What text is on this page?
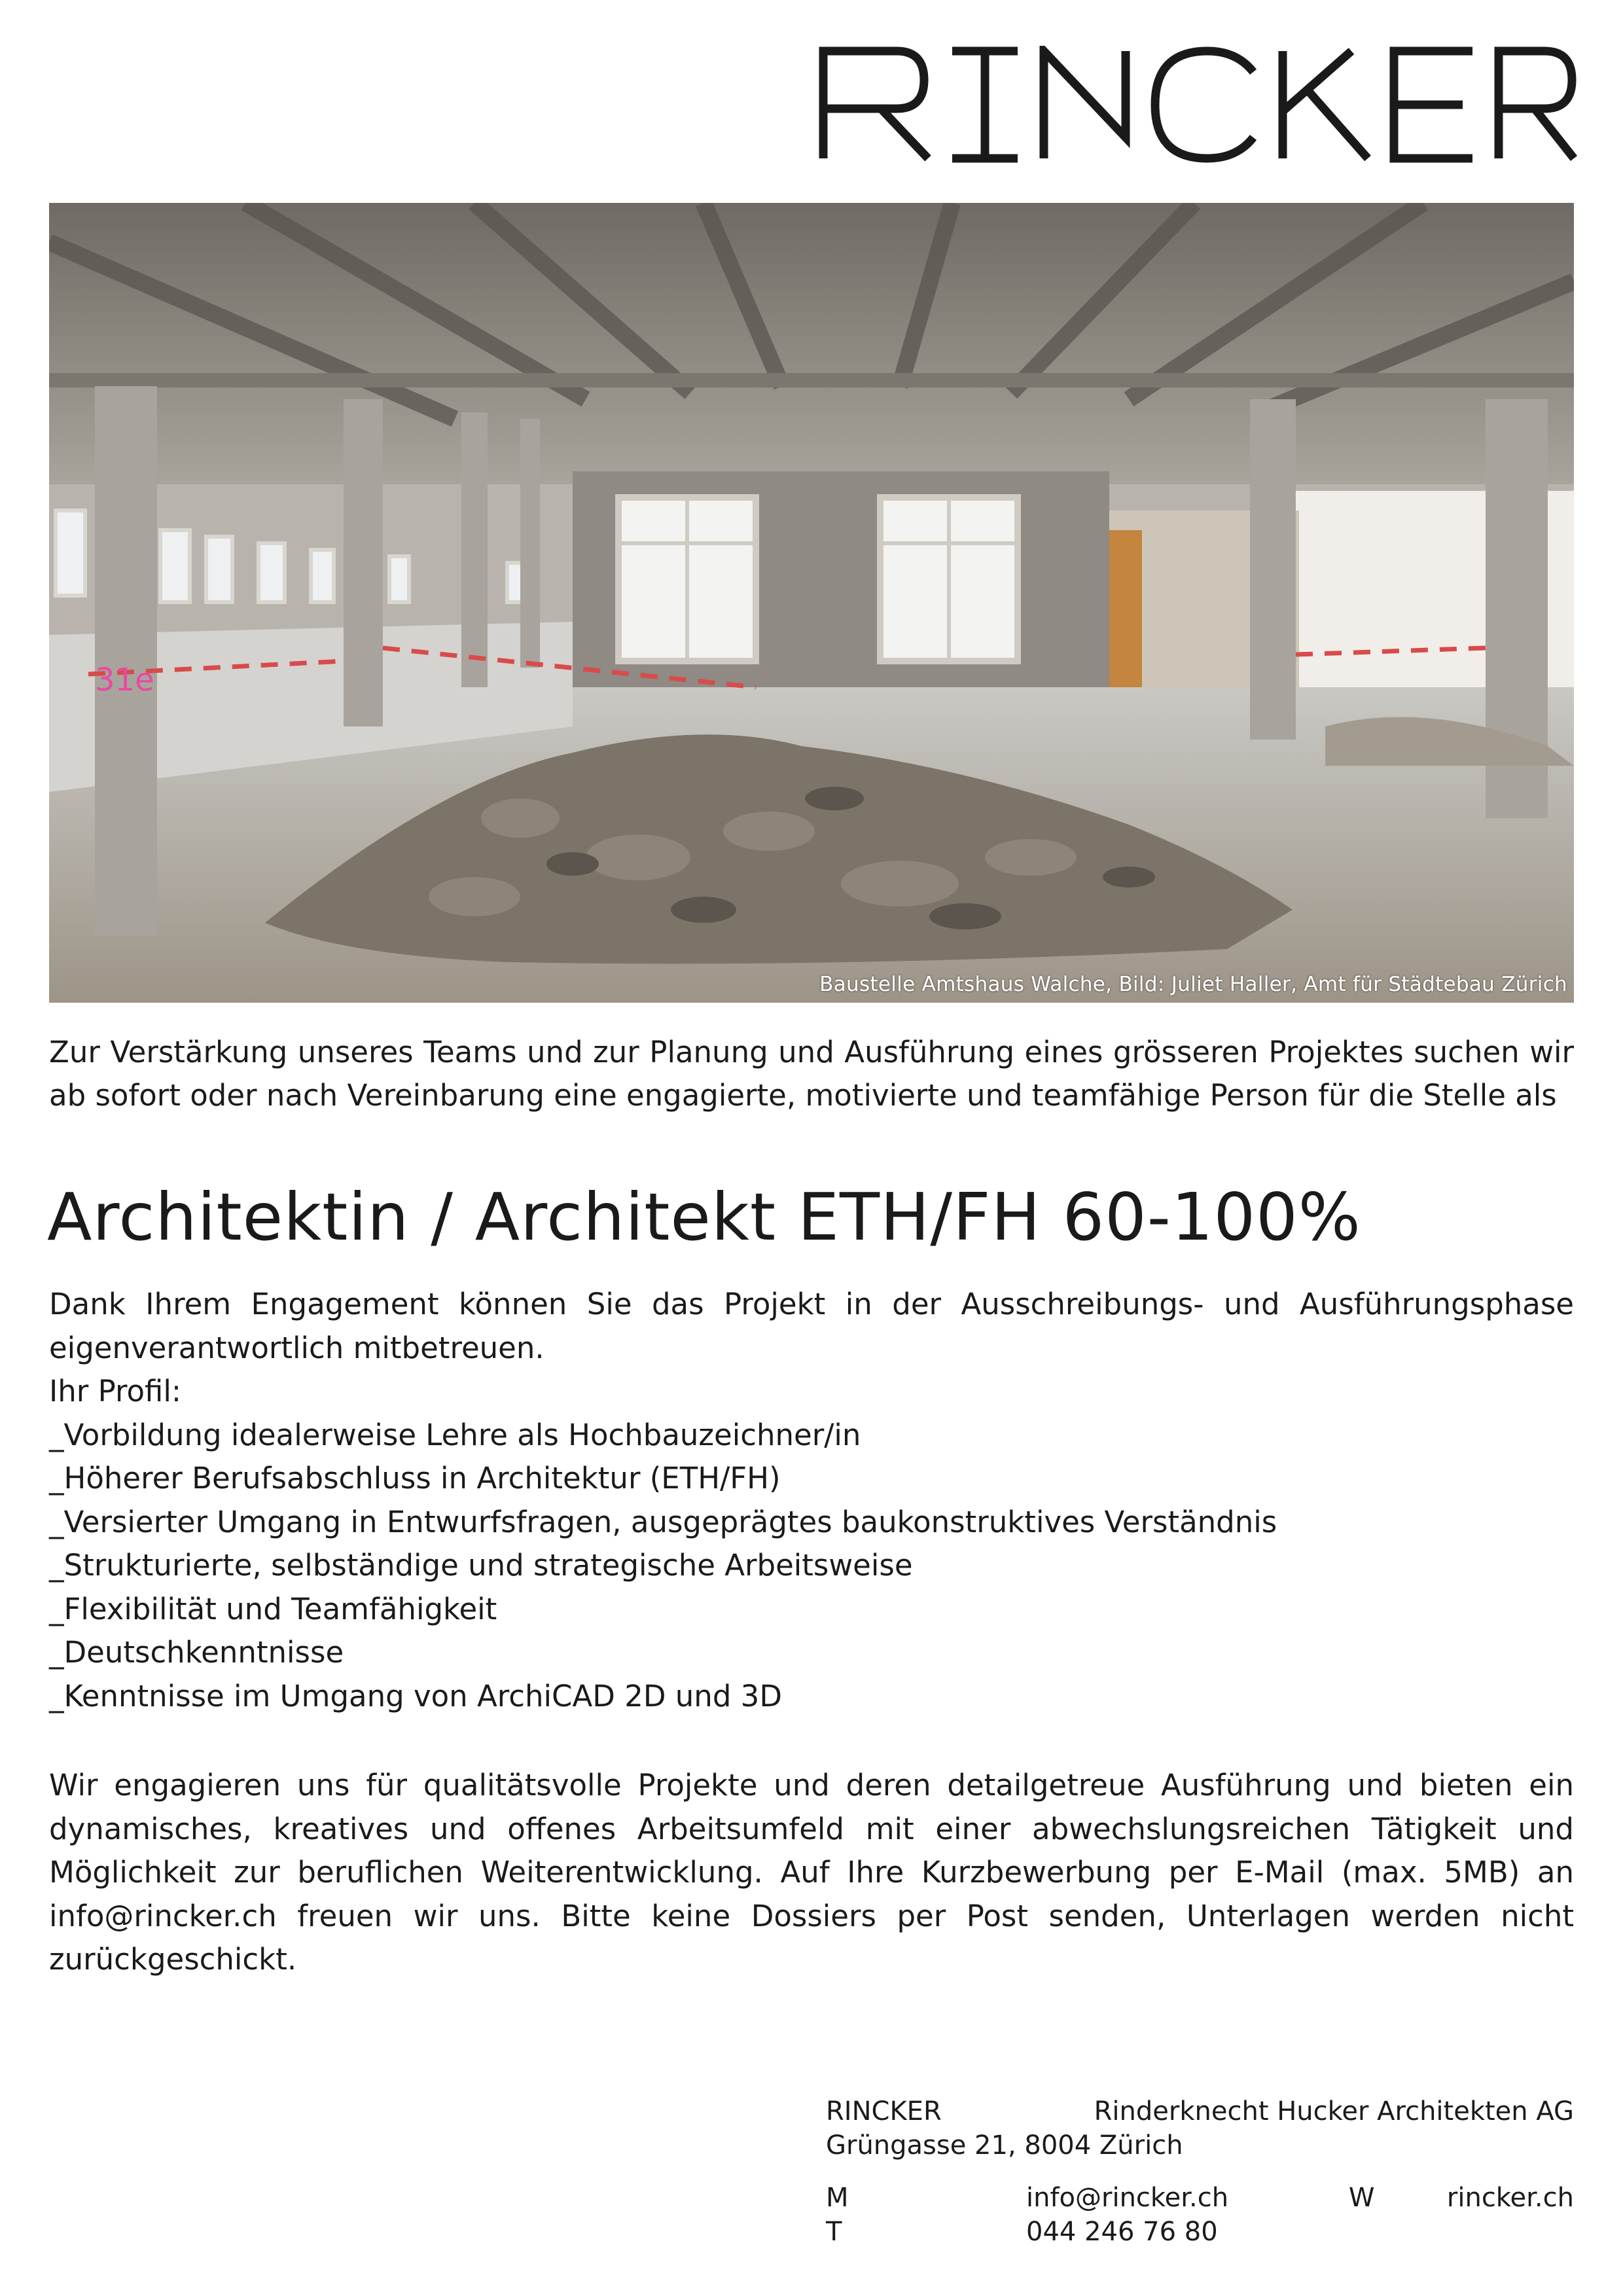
31e
Baustelle Amtshaus Walche, Bild: Juliet Haller, Amt für Städtebau Zürich

Zur Verstärkung unseres Teams und zur Planung und Ausführung eines grösseren Projektes suchen wir ab sofort oder nach Vereinbarung eine engagierte, motivierte und teamfähige Person für die Stelle als

Architektin / Architekt ETH/FH 60-100%
Dank Ihrem Engagement können Sie das Projekt in der Ausschreibungs- und Ausführungsphase eigenverantwortlich mitbetreuen.
Ihr Profil:
_Vorbildung idealerweise Lehre als Hochbauzeichner/in
_Höherer Berufsabschluss in Architektur (ETH/FH)
_Versierter Umgang in Entwurfsfragen, ausgeprägtes baukonstruktives Verständnis
_Strukturierte, selbständige und strategische Arbeitsweise
_Flexibilität und Teamfähigkeit
_Deutschkenntnisse
_Kenntnisse im Umgang von ArchiCAD 2D und 3D

Wir engagieren uns für qualitätsvolle Projekte und deren detailgetreue Ausführung und bieten ein dynamisches, kreatives und offenes Arbeitsumfeld mit einer abwechslungsreichen Tätigkeit und Möglichkeit zur beruflichen Weiterentwicklung. Auf Ihre Kurzbewerbung per E-Mail (max. 5MB) an info@rincker.ch freuen wir uns. Bitte keine Dossiers per Post senden, Unterlagen werden nicht zurückgeschickt.

RINCKER	Rinderknecht Hucker Architekten AG
Grüngasse 21, 8004 Zürich
M	info@rincker.ch	W	rincker.ch
T	044 246 76 80
